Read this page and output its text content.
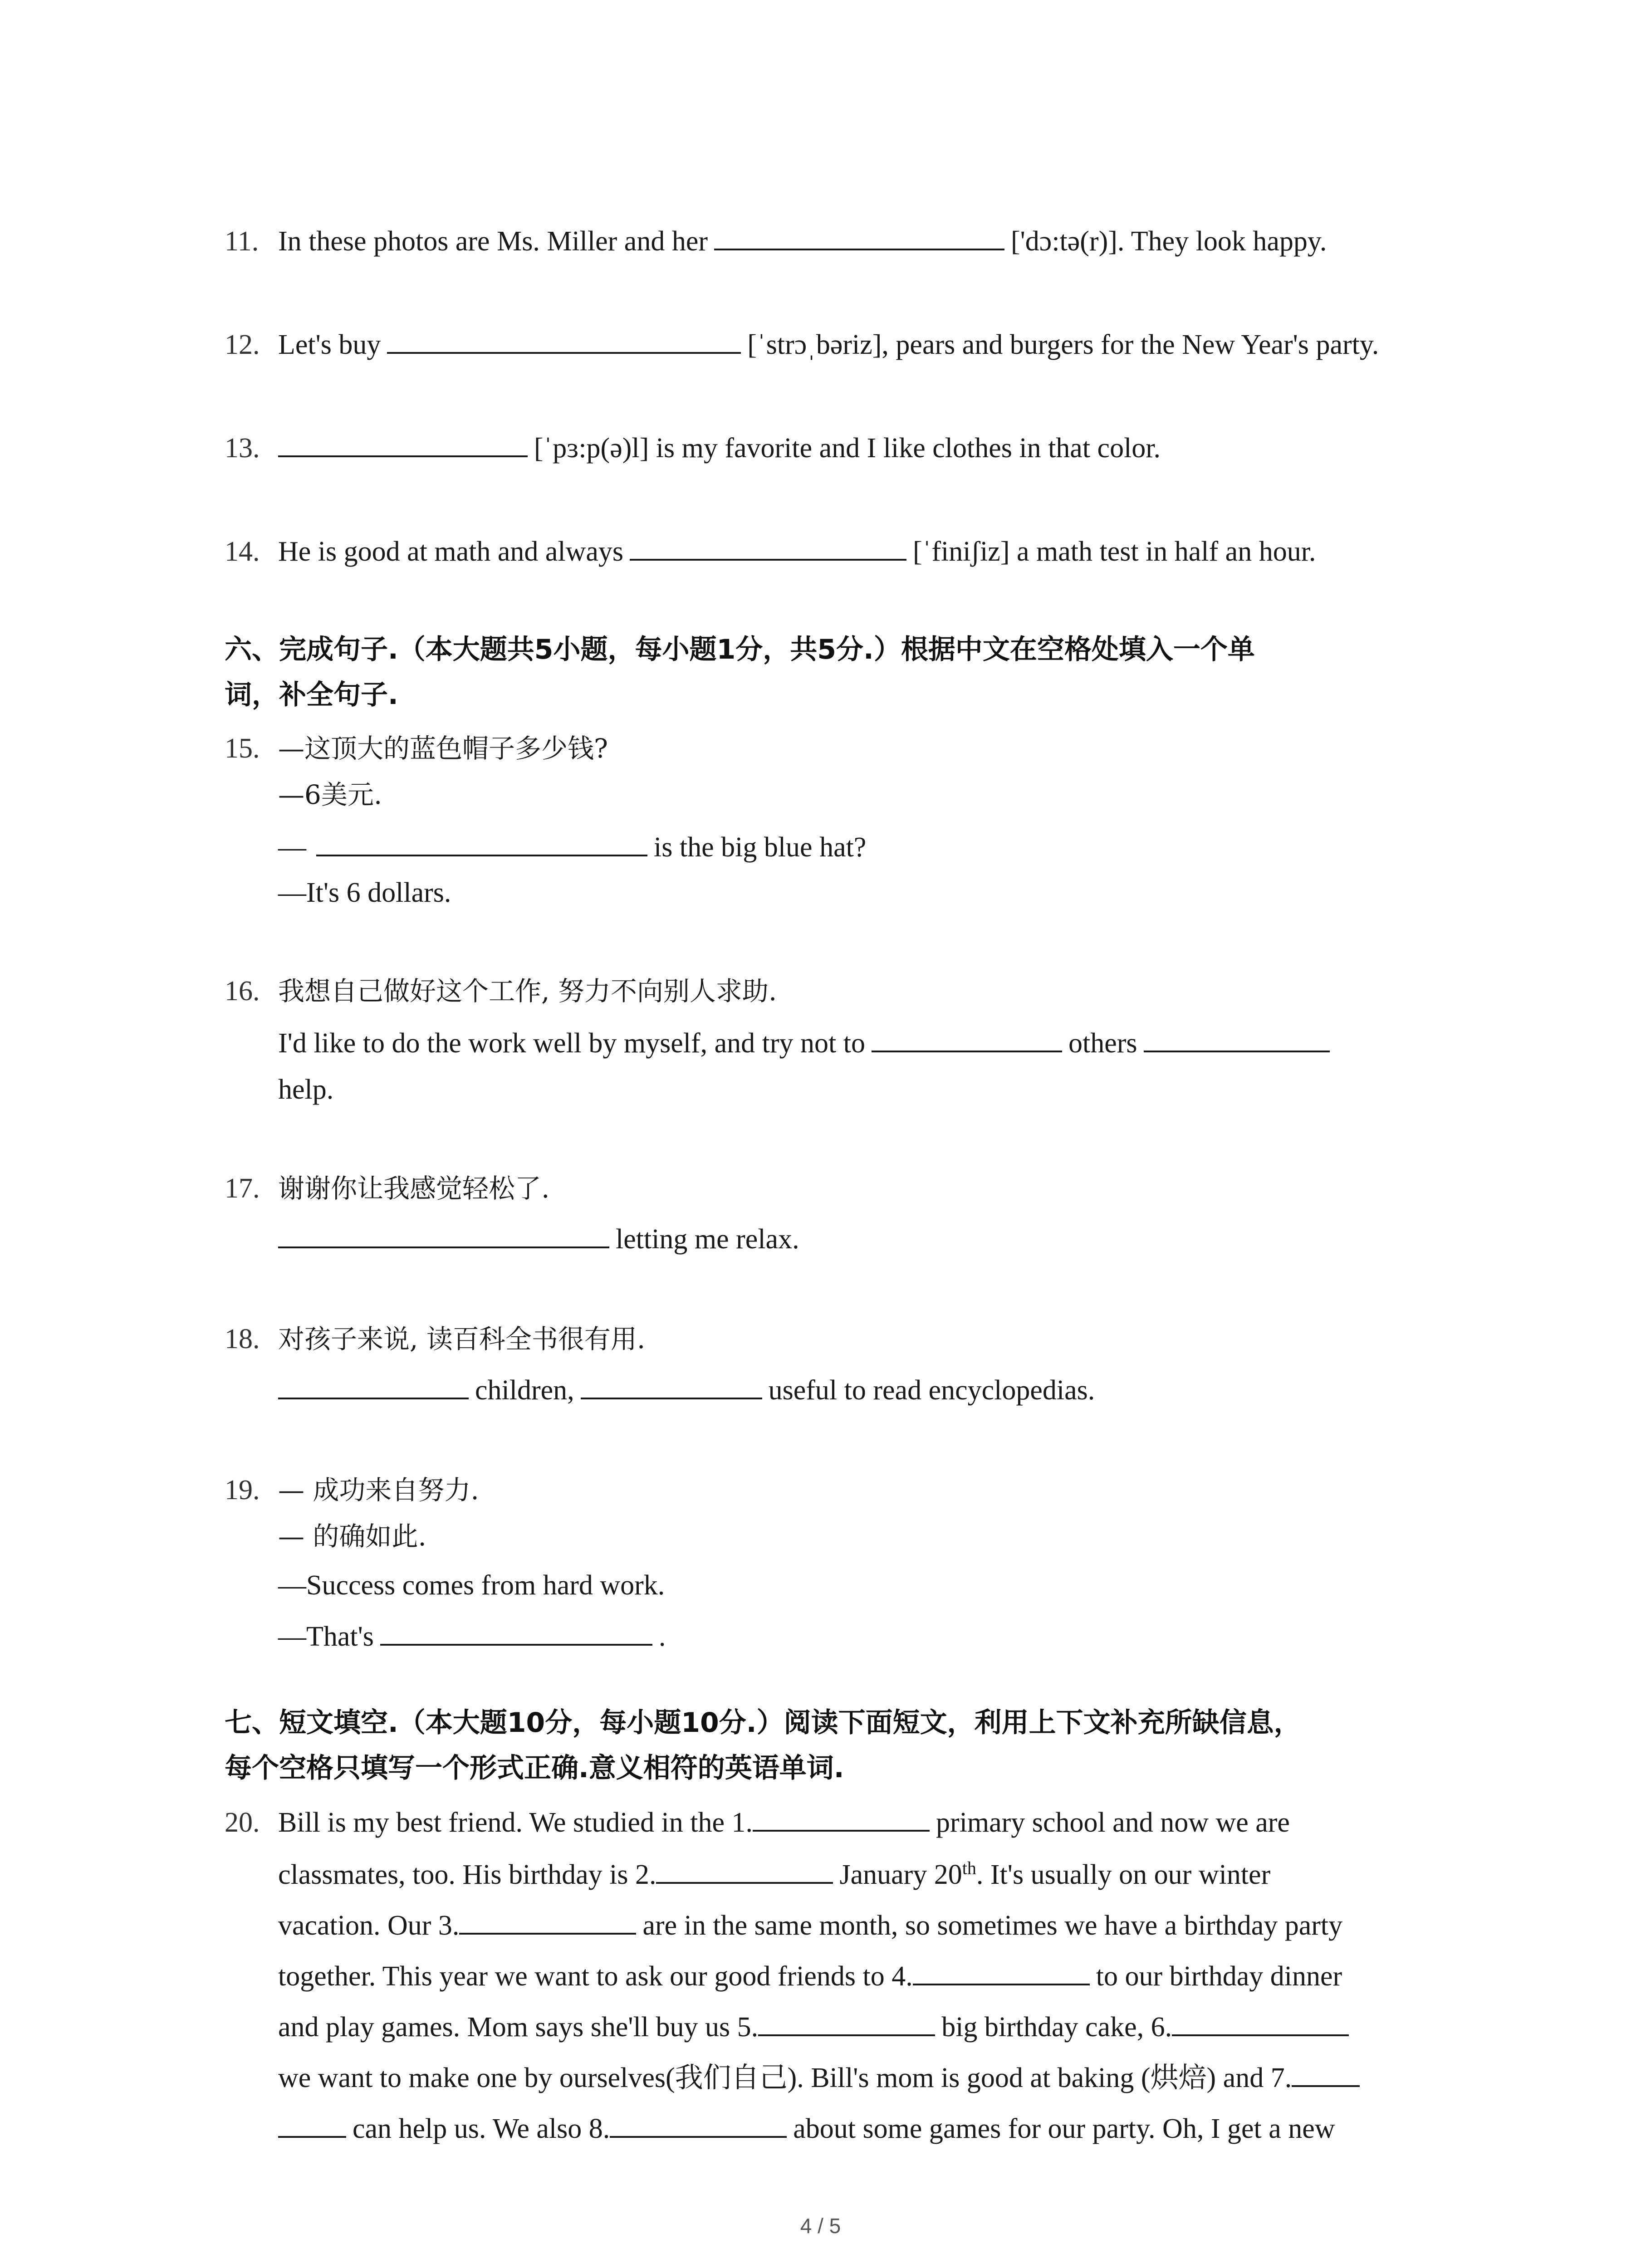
11. In these photos are Ms. Miller and her	['dɔ:tə(r)]. They look happy.
12. Let's buy	[ˈstrɔˌbəriz], pears and burgers for the New Year's party.
13.	[ˈpɜ:p(ə)l] is my favorite and I like clothes in that color.
14. He is good at math and always	[ˈfiniʃiz] a math test in half an hour.
六、完成句子.（本大题共5小题，每小题1分，共5分.）根据中文在空格处填入一个单
词，补全句子.
15. —这顶大的蓝色帽子多少钱?
—6美元.
—	is the big blue hat?
—It's 6 dollars.
16. 我想自己做好这个工作, 努力不向别人求助.
I'd like to do the work well by myself, and try not to	others
help.
17. 谢谢你让我感觉轻松了.
letting me relax.
18. 对孩子来说, 读百科全书很有用.
children,	useful to read encyclopedias.
19. — 成功来自努力.
— 的确如此.
—Success comes from hard work.
—That's	.
七、短文填空.（本大题10分，每小题10分.）阅读下面短文，利用上下文补充所缺信息，
每个空格只填写一个形式正确.意义相符的英语单词.
20. Bill is my best friend. We studied in the 1.	primary school and now we are
classmates, too. His birthday is 2.	January 20th. It's usually on our winter
vacation. Our 3.	are in the same month, so sometimes we have a birthday party
together. This year we want to ask our good friends to 4.	to our birthday dinner
and play games. Mom says she'll buy us 5.	big birthday cake, 6.
we want to make one by ourselves(我们自己). Bill's mom is good at baking (烘焙) and 7.
can help us. We also 8.	about some games for our party. Oh, I get a new
4 / 5
